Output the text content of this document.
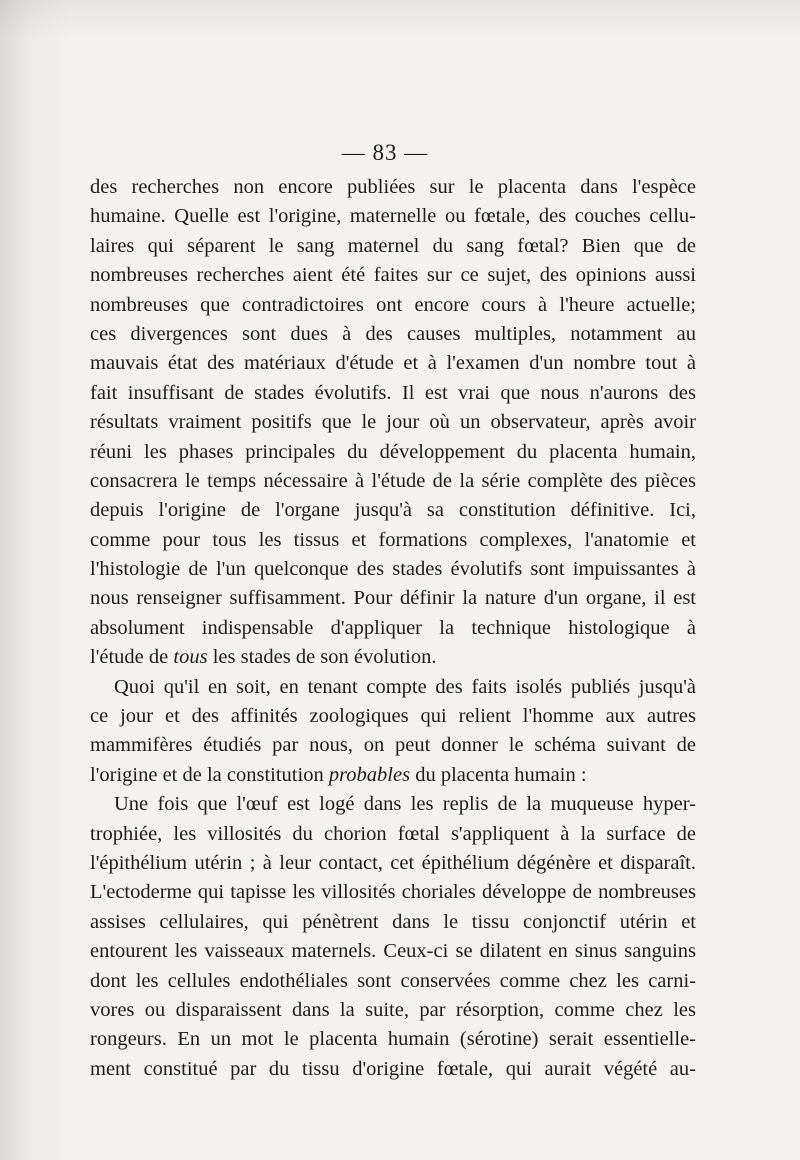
— 83 —
des recherches non encore publiées sur le placenta dans l'espèce
humaine. Quelle est l'origine, maternelle ou fœtale, des couches cellu-
laires qui séparent le sang maternel du sang fœtal? Bien que de
nombreuses recherches aient été faites sur ce sujet, des opinions aussi
nombreuses que contradictoires ont encore cours à l'heure actuelle;
ces divergences sont dues à des causes multiples, notamment au
mauvais état des matériaux d'étude et à l'examen d'un nombre tout à
fait insuffisant de stades évolutifs. Il est vrai que nous n'aurons des
résultats vraiment positifs que le jour où un observateur, après avoir
réuni les phases principales du développement du placenta humain,
consacrera le temps nécessaire à l'étude de la série complète des pièces
depuis l'origine de l'organe jusqu'à sa constitution définitive. Ici,
comme pour tous les tissus et formations complexes, l'anatomie et
l'histologie de l'un quelconque des stades évolutifs sont impuissantes à
nous renseigner suffisamment. Pour définir la nature d'un organe, il est
absolument indispensable d'appliquer la technique histologique à
l'étude de tous les stades de son évolution.
Quoi qu'il en soit, en tenant compte des faits isolés publiés jusqu'à
ce jour et des affinités zoologiques qui relient l'homme aux autres
mammifères étudiés par nous, on peut donner le schéma suivant de
l'origine et de la constitution probables du placenta humain :
Une fois que l'œuf est logé dans les replis de la muqueuse hyper-
trophiée, les villosités du chorion fœtal s'appliquent à la surface de
l'épithélium utérin ; à leur contact, cet épithélium dégénère et disparaît.
L'ectoderme qui tapisse les villosités choriales développe de nombreuses
assises cellulaires, qui pénètrent dans le tissu conjonctif utérin et
entourent les vaisseaux maternels. Ceux-ci se dilatent en sinus sanguins
dont les cellules endothéliales sont conservées comme chez les carni-
vores ou disparaissent dans la suite, par résorption, comme chez les
rongeurs. En un mot le placenta humain (sérotine) serait essentielle-
ment constitué par du tissu d'origine fœtale, qui aurait végété au-
